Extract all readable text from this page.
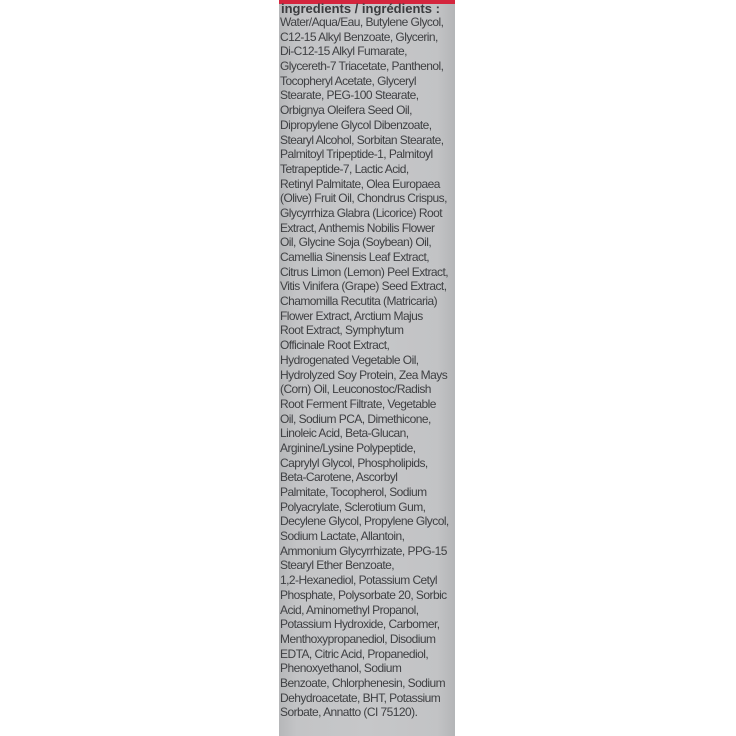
ingredients / ingrédients :
Water/Aqua/Eau, Butylene Glycol,
C12-15 Alkyl Benzoate, Glycerin,
Di-C12-15 Alkyl Fumarate,
Glycereth-7 Triacetate, Panthenol,
Tocopheryl Acetate, Glyceryl
Stearate, PEG-100 Stearate,
Orbignya Oleifera Seed Oil,
Dipropylene Glycol Dibenzoate,
Stearyl Alcohol, Sorbitan Stearate,
Palmitoyl Tripeptide-1, Palmitoyl
Tetrapeptide-7, Lactic Acid,
Retinyl Palmitate, Olea Europaea
(Olive) Fruit Oil, Chondrus Crispus,
Glycyrrhiza Glabra (Licorice) Root
Extract, Anthemis Nobilis Flower
Oil, Glycine Soja (Soybean) Oil,
Camellia Sinensis Leaf Extract,
Citrus Limon (Lemon) Peel Extract,
Vitis Vinifera (Grape) Seed Extract,
Chamomilla Recutita (Matricaria)
Flower Extract, Arctium Majus
Root Extract, Symphytum
Officinale Root Extract,
Hydrogenated Vegetable Oil,
Hydrolyzed Soy Protein, Zea Mays
(Corn) Oil, Leuconostoc/Radish
Root Ferment Filtrate, Vegetable
Oil, Sodium PCA, Dimethicone,
Linoleic Acid, Beta-Glucan,
Arginine/Lysine Polypeptide,
Caprylyl Glycol, Phospholipids,
Beta-Carotene, Ascorbyl
Palmitate, Tocopherol, Sodium
Polyacrylate, Sclerotium Gum,
Decylene Glycol, Propylene Glycol,
Sodium Lactate, Allantoin,
Ammonium Glycyrrhizate, PPG-15
Stearyl Ether Benzoate,
1,2-Hexanediol, Potassium Cetyl
Phosphate, Polysorbate 20, Sorbic
Acid, Aminomethyl Propanol,
Potassium Hydroxide, Carbomer,
Menthoxypropanediol, Disodium
EDTA, Citric Acid, Propanediol,
Phenoxyethanol, Sodium
Benzoate, Chlorphenesin, Sodium
Dehydroacetate, BHT, Potassium
Sorbate, Annatto (CI 75120).
